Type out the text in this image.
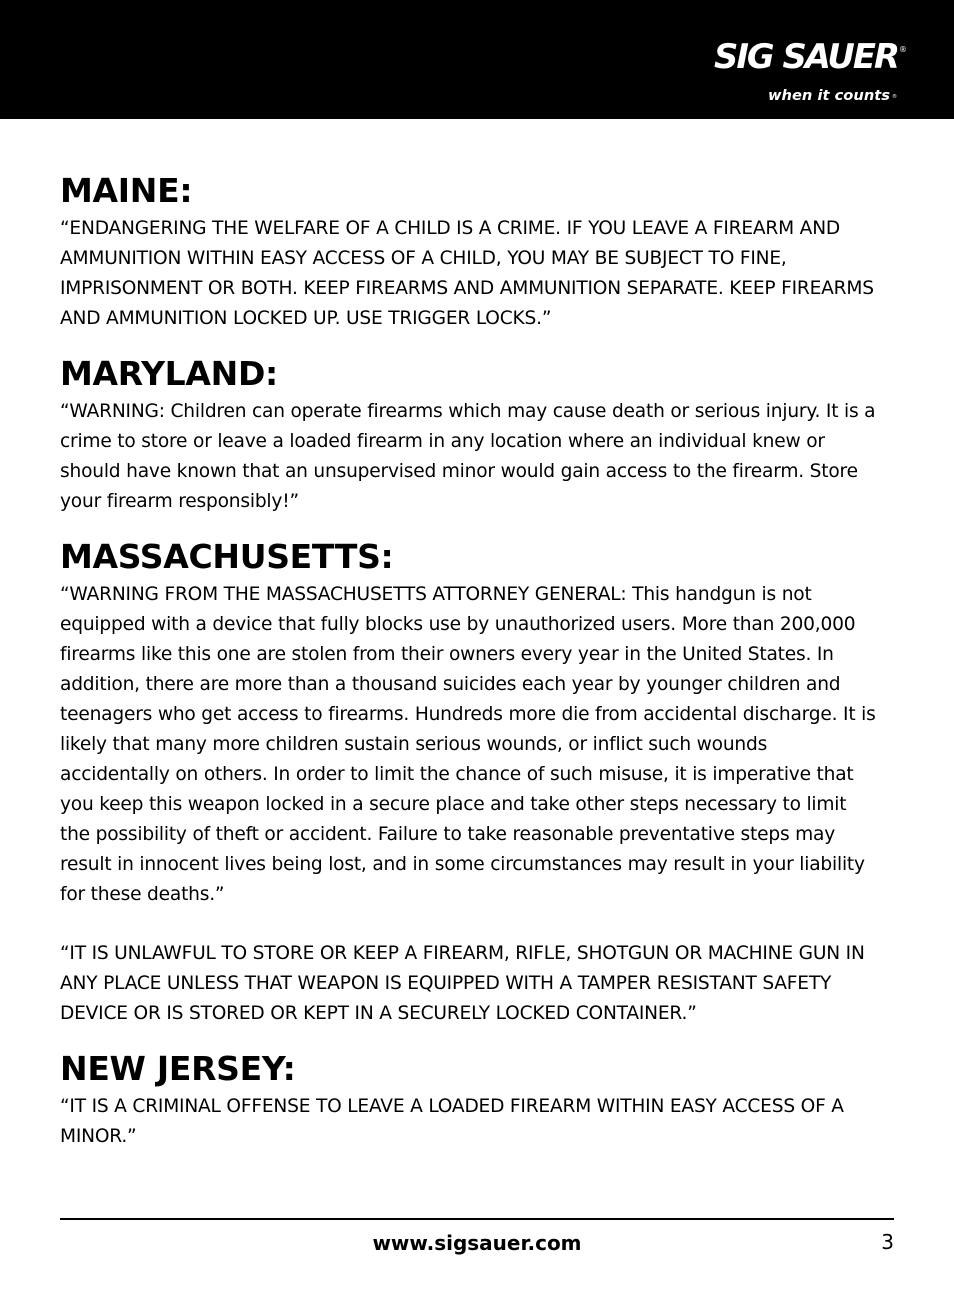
SIG SAUER ®
when it counts ®
MAINE:

“ENDANGERING THE WELFARE OF A CHILD IS A CRIME. IF YOU LEAVE A FIREARM AND AMMUNITION WITHIN EASY ACCESS OF A CHILD, YOU MAY BE SUBJECT TO FINE, IMPRISONMENT OR BOTH. KEEP FIREARMS AND AMMUNITION SEPARATE. KEEP FIREARMS AND AMMUNITION LOCKED UP. USE TRIGGER LOCKS.”

MARYLAND:

“WARNING: Children can operate firearms which may cause death or serious injury. It is a crime to store or leave a loaded firearm in any location where an individual knew or should have known that an unsupervised minor would gain access to the firearm. Store your firearm responsibly!”

MASSACHUSETTS:

“WARNING FROM THE MASSACHUSETTS ATTORNEY GENERAL: This handgun is not equipped with a device that fully blocks use by unauthorized users. More than 200,000 firearms like this one are stolen from their owners every year in the United States. In addition, there are more than a thousand suicides each year by younger children and teenagers who get access to firearms. Hundreds more die from accidental discharge. It is likely that many more children sustain serious wounds, or inflict such wounds accidentally on others. In order to limit the chance of such misuse, it is imperative that you keep this weapon locked in a secure place and take other steps necessary to limit the possibility of theft or accident. Failure to take reasonable preventative steps may result in innocent lives being lost, and in some circumstances may result in your liability for these deaths.”

“IT IS UNLAWFUL TO STORE OR KEEP A FIREARM, RIFLE, SHOTGUN OR MACHINE GUN IN ANY PLACE UNLESS THAT WEAPON IS EQUIPPED WITH A TAMPER RESISTANT SAFETY DEVICE OR IS STORED OR KEPT IN A SECURELY LOCKED CONTAINER.”

NEW JERSEY:

“IT IS A CRIMINAL OFFENSE TO LEAVE A LOADED FIREARM WITHIN EASY ACCESS OF A MINOR.”

www.sigsauer.com	3
